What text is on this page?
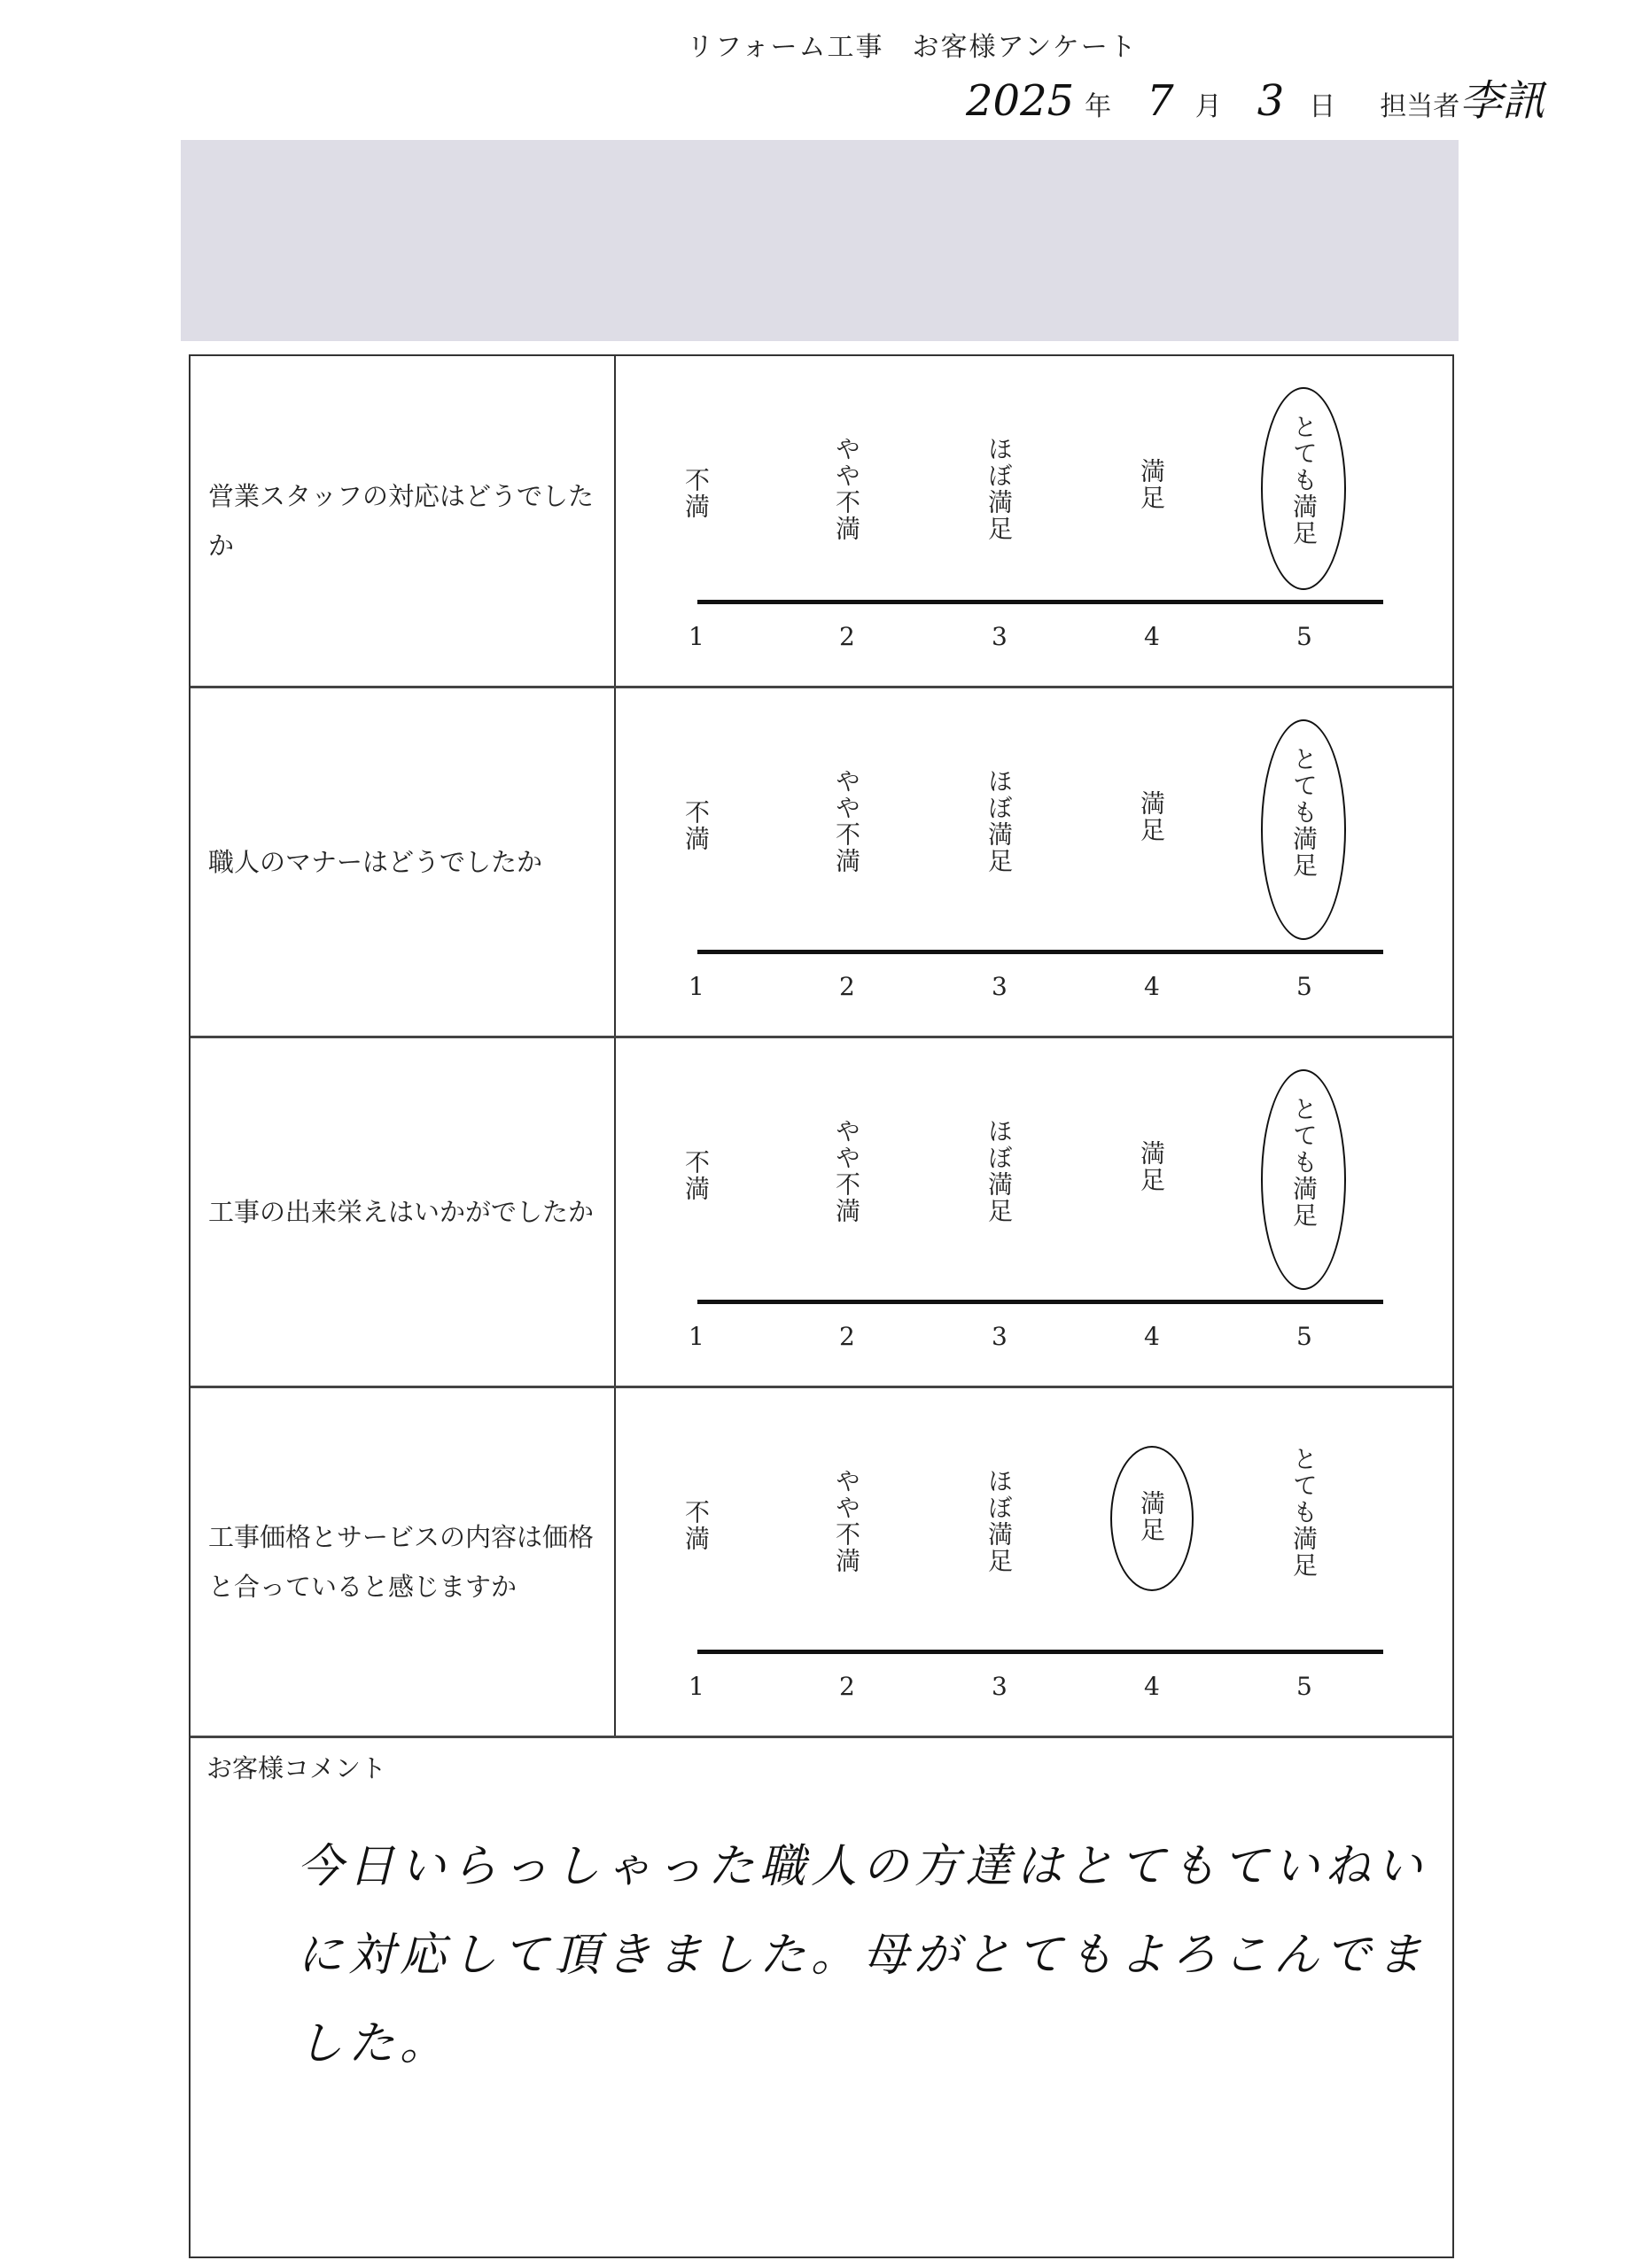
リフォーム工事　お客様アンケート
2025 年 7 月 3 日 担当者 李訊
営業スタッフの対応はどうでしたか
不満	やや不満	ほぼ満足	満足	とても満足
1	2	3	4	5
職人のマナーはどうでしたか
不満	やや不満	ほぼ満足	満足	とても満足
1	2	3	4	5
工事の出来栄えはいかがでしたか
不満	やや不満	ほぼ満足	満足	とても満足
1	2	3	4	5
工事価格とサービスの内容は価格と合っていると感じますか
不満	やや不満	ほぼ満足	満足	とても満足
1	2	3	4	5
お客様コメント
今日いらっしゃった職人の方達はとてもていねいに対応して頂きました。母がとてもよろこんでました。
